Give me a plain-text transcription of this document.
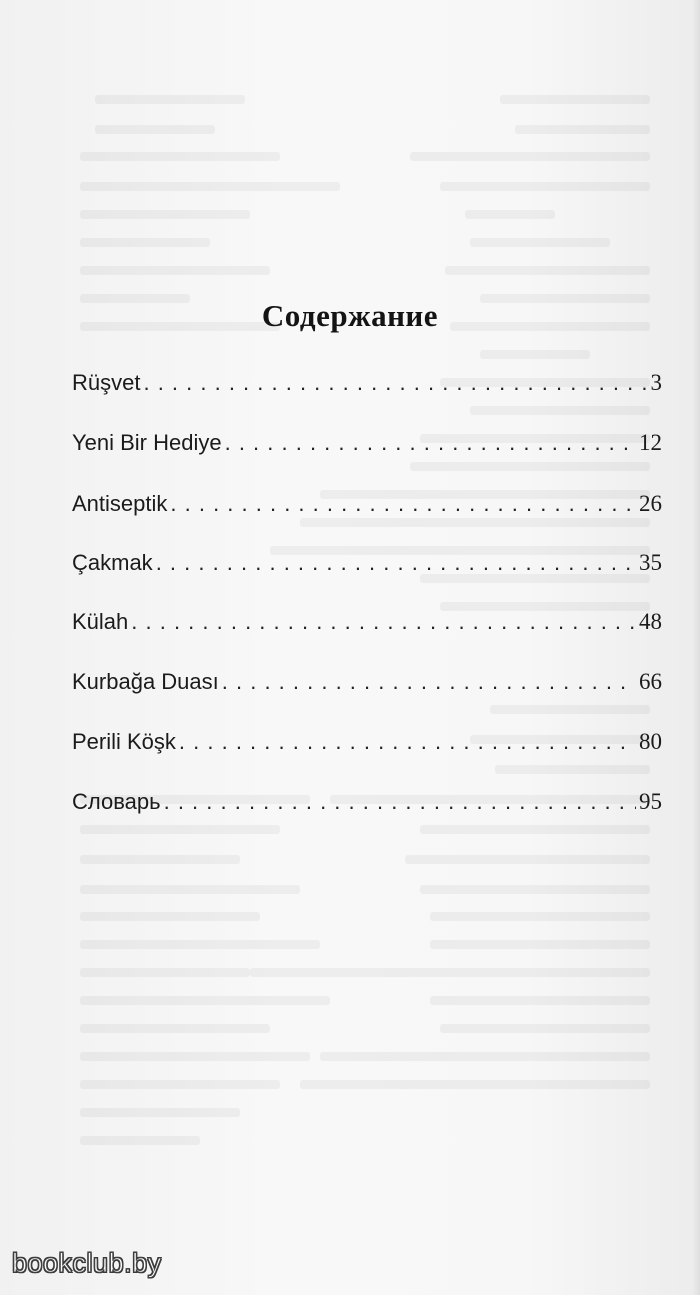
Содержание
Rüşvet . . .	3
Yeni Bir Hediye . . .	12
Antiseptik . . .	26
Çakmak . . .	35
Külah . . .	48
Kurbağa Duası . . .	66
Perili Köşk . . .	80
Словарь . . .	95
bookclub.by
